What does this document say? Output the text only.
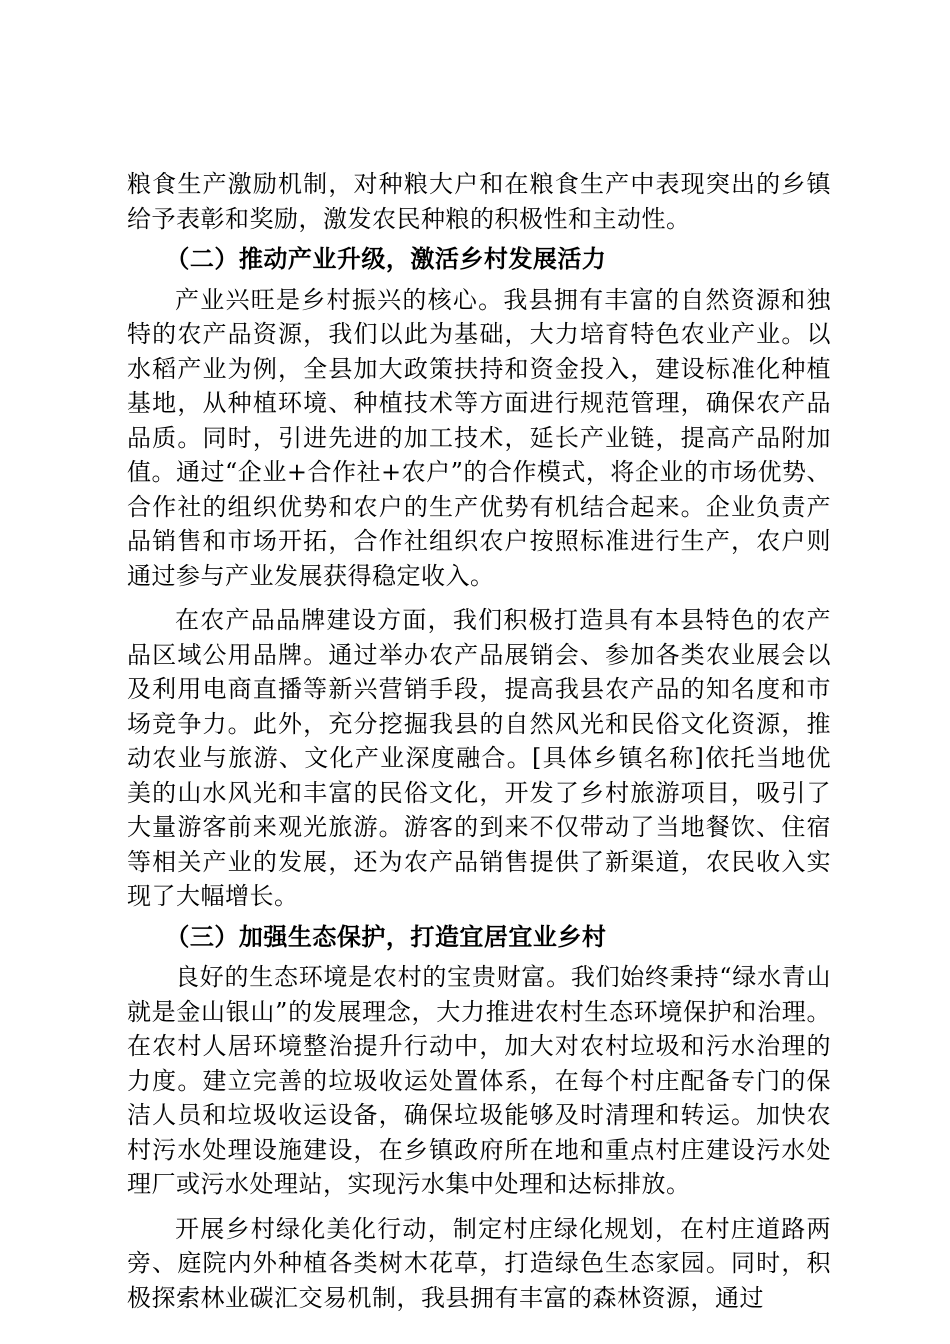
粮食生产激励机制，对种粮大户和在粮食生产中表现突出的乡镇给予表彰和奖励，激发农民种粮的积极性和主动性。

（二）推动产业升级，激活乡村发展活力

产业兴旺是乡村振兴的核心。我县拥有丰富的自然资源和独特的农产品资源，我们以此为基础，大力培育特色农业产业。以水稻产业为例，全县加大政策扶持和资金投入，建设标准化种植基地，从种植环境、种植技术等方面进行规范管理，确保农产品品质。同时，引进先进的加工技术，延长产业链，提高产品附加值。通过“企业+合作社+农户”的合作模式，将企业的市场优势、合作社的组织优势和农户的生产优势有机结合起来。企业负责产品销售和市场开拓，合作社组织农户按照标准进行生产，农户则通过参与产业发展获得稳定收入。

在农产品品牌建设方面，我们积极打造具有本县特色的农产品区域公用品牌。通过举办农产品展销会、参加各类农业展会以及利用电商直播等新兴营销手段，提高我县农产品的知名度和市场竞争力。此外，充分挖掘我县的自然风光和民俗文化资源，推动农业与旅游、文化产业深度融合。[具体乡镇名称]依托当地优美的山水风光和丰富的民俗文化，开发了乡村旅游项目，吸引了大量游客前来观光旅游。游客的到来不仅带动了当地餐饮、住宿等相关产业的发展，还为农产品销售提供了新渠道，农民收入实现了大幅增长。

（三）加强生态保护，打造宜居宜业乡村

良好的生态环境是农村的宝贵财富。我们始终秉持“绿水青山就是金山银山”的发展理念，大力推进农村生态环境保护和治理。在农村人居环境整治提升行动中，加大对农村垃圾和污水治理的力度。建立完善的垃圾收运处置体系，在每个村庄配备专门的保洁人员和垃圾收运设备，确保垃圾能够及时清理和转运。加快农村污水处理设施建设，在乡镇政府所在地和重点村庄建设污水处理厂或污水处理站，实现污水集中处理和达标排放。

开展乡村绿化美化行动，制定村庄绿化规划，在村庄道路两旁、庭院内外种植各类树木花草，打造绿色生态家园。同时，积极探索林业碳汇交易机制，我县拥有丰富的森林资源，通过
